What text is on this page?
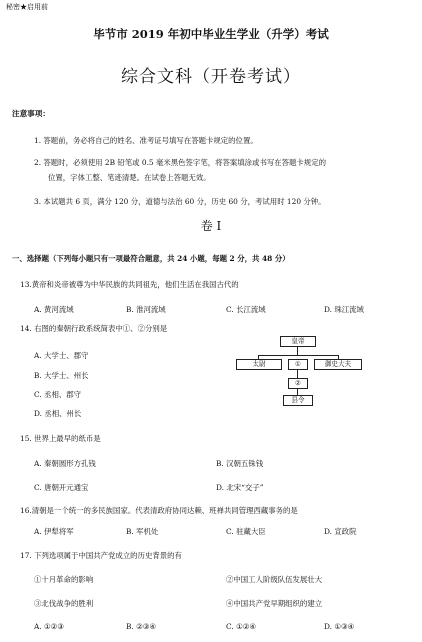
秘密★启用前
毕节市 2019 年初中毕业生学业（升学）考试
综合文科（开卷考试）
注意事项：
1. 答题前，务必将自己的姓名、准考证号填写在答题卡规定的位置。
2. 答题时，必须使用 2B 铅笔或 0.5 毫米黑色签字笔，将答案填涂或书写在答题卡规定的
位置，字体工整、笔迹清楚。在试卷上答题无效。
3. 本试题共 6 页，满分 120 分，道德与法治 60 分，历史 60 分，考试用时 120 分钟。
卷 I
一、选择题（下列每小题只有一项最符合题意，共 24 小题，每题 2 分，共 48 分）
13.黄帝和炎帝被尊为中华民族的共同祖先，他们生活在我国古代的
A. 黄河流域	B. 淮河流域	C. 长江流域	D. 珠江流域
14. 右图的秦朝行政系统简表中①、②分别是
A. 大学士、郡守
B. 大学士、州长
C. 丞相、郡守
D. 丞相、州长
皇帝
太尉	①	御史大夫
②
县令
15. 世界上最早的纸币是
A. 秦朝圆形方孔钱	B. 汉朝五铢钱
C. 唐朝开元通宝	D. 北宋“交子”
16.清朝是一个统一的多民族国家。代表清政府协同达赖、班禅共同管理西藏事务的是
A. 伊犁将军	B. 军机处	C. 驻藏大臣	D. 宣政院
17. 下列选项属于中国共产党成立的历史背景的有
①十月革命的影响	②中国工人阶级队伍发展壮大
③北伐战争的胜利	④中国共产党早期组织的建立
A. ①②③	B. ②③④	C. ①②④	D. ①③④
